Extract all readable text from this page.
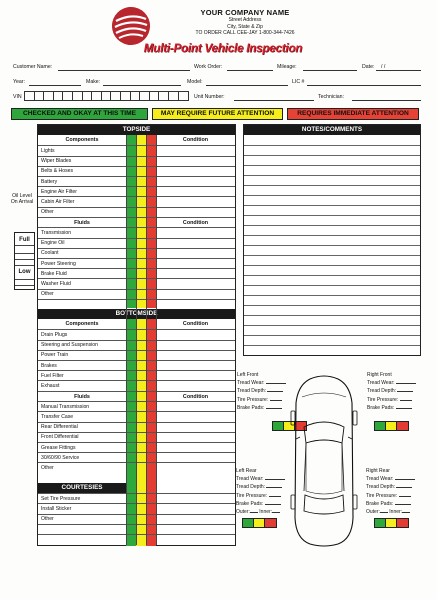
YOUR COMPANY NAME
Street Address
City, State & Zip
TO ORDER CALL CEE-JAY 1-800-344-7426
Multi-Point Vehicle Inspection
Customer Name:	Work Order:	Mileage:	Date: / /
Year:	Make:	Model:	LIC #
VIN	Unit Number:	Technician:
CHECKED AND OKAY AT THIS TIME	MAY REQUIRE FUTURE ATTENTION	REQUIRES IMMEDIATE ATTENTION
Oil Level
On Arrival
Full
Low
TOPSIDE
Components	Condition
Lights
Wiper Blades
Belts & Hoses
Battery
Engine Air Filter
Cabin Air Filter
Other
Fluids	Condition
Transmission
Engine Oil
Coolant
Power Steering
Brake Fluid
Washer Fluid
Other
BOTTOMSIDE
Components	Condition
Drain Plugs
Steering and Suspension
Power Train
Brakes
Fuel Filter
Exhaust
Fluids	Condition
Manual Transmission
Transfer Case
Rear Differential
Front Differential
Grease Fittings
30/60/90 Service
Other
COURTESIES
Set Tire Pressure
Install Sticker
Other
NOTES/COMMENTS
Left Front
Tread Wear:
Tread Depth:
Tire Pressure:
Brake Pads:
Right Front
Tread Wear:
Tread Depth:
Tire Pressure:
Brake Pads:
Left Rear
Tread Wear:
Tread Depth:
Tire Pressure:
Brake Pads:
Outer: Inner:
Right Rear
Tread Wear:
Tread Depth:
Tire Pressure:
Brake Pads:
Outer: Inner:
